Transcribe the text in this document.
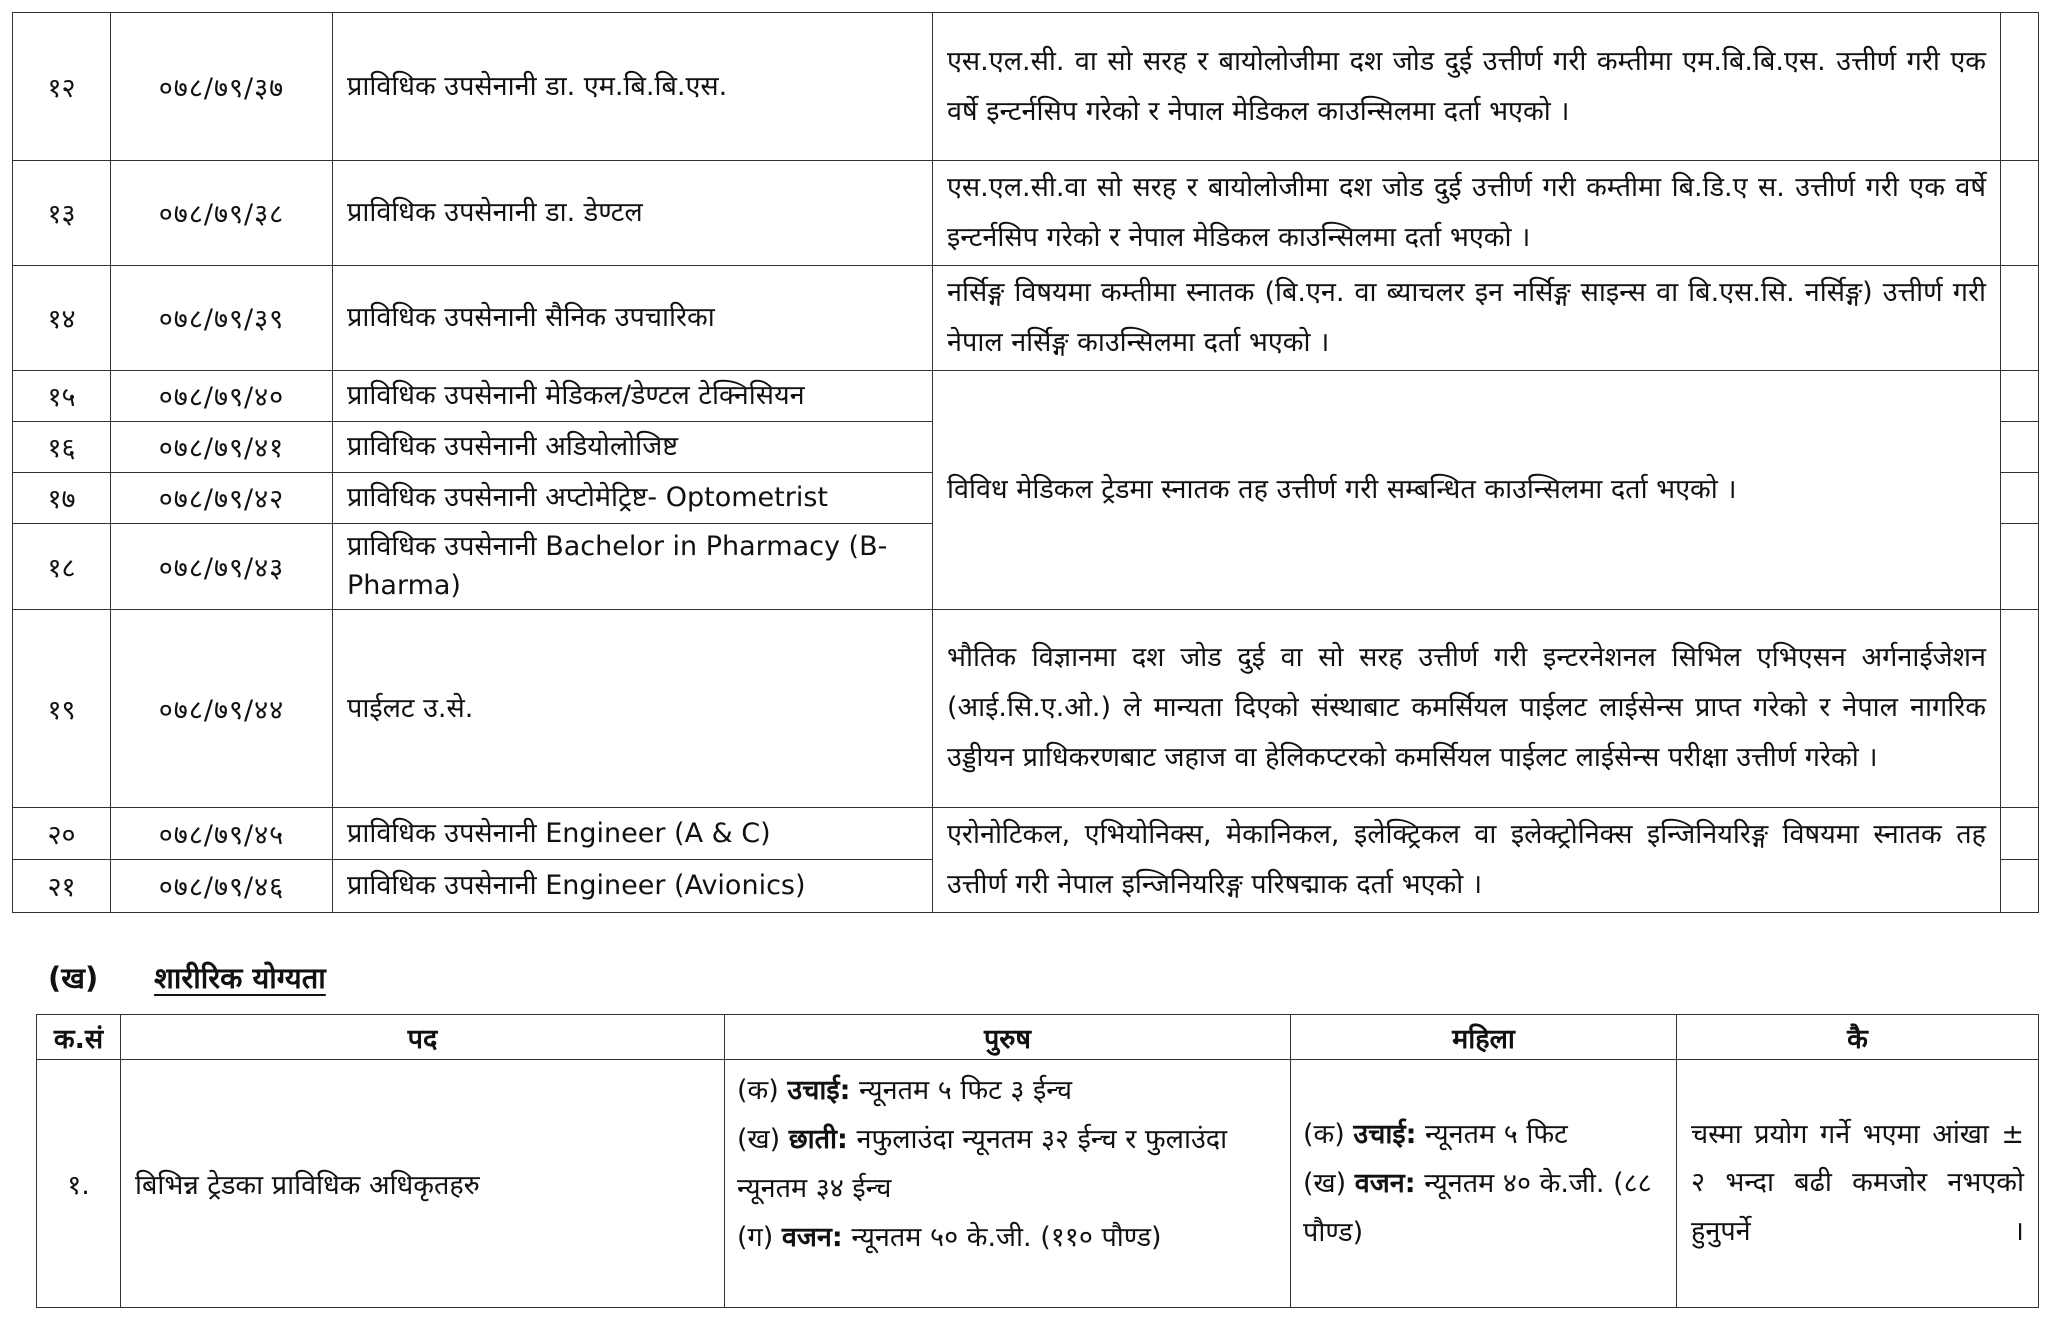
१२	०७८/७९/३७	प्राविधिक उपसेनानी डा. एम.बि.बि.एस.	एस.एल.सी. वा सो सरह र बायोलोजीमा दश जोड दुई उत्तीर्ण गरी कम्तीमा एम.बि.बि.एस. उत्तीर्ण गरी एक वर्षे इन्टर्नसिप गरेको र नेपाल मेडिकल काउन्सिलमा दर्ता भएको ।	
१३	०७८/७९/३८	प्राविधिक उपसेनानी डा. डेण्टल	एस.एल.सी.वा सो सरह र बायोलोजीमा दश जोड दुई उत्तीर्ण गरी कम्तीमा बि.डि.ए स. उत्तीर्ण गरी एक वर्षे इन्टर्नसिप गरेको र नेपाल मेडिकल काउन्सिलमा दर्ता भएको ।	
१४	०७८/७९/३९	प्राविधिक उपसेनानी सैनिक उपचारिका	नर्सिङ्ग विषयमा कम्तीमा स्नातक (बि.एन. वा ब्याचलर इन नर्सिङ्ग साइन्स वा बि.एस.सि. नर्सिङ्ग) उत्तीर्ण गरी नेपाल नर्सिङ्ग काउन्सिलमा दर्ता भएको ।	
१५	०७८/७९/४०	प्राविधिक उपसेनानी मेडिकल/डेण्टल टेक्निसियन	विविध मेडिकल ट्रेडमा स्नातक तह उत्तीर्ण गरी सम्बन्धित काउन्सिलमा दर्ता भएको ।	
१६	०७८/७९/४१	प्राविधिक उपसेनानी अडियोलोजिष्ट		
१७	०७८/७९/४२	प्राविधिक उपसेनानी अप्टोमेट्रिष्ट- Optometrist		
१८	०७८/७९/४३	प्राविधिक उपसेनानी Bachelor in Pharmacy (B-Pharma)		
१९	०७८/७९/४४	पाईलट उ.से.	भौतिक विज्ञानमा दश जोड दुई वा सो सरह उत्तीर्ण गरी इन्टरनेशनल सिभिल एभिएसन अर्गनाईजेशन (आई.सि.ए.ओ.) ले मान्यता दिएको संस्थाबाट कमर्सियल पाईलट लाईसेन्स प्राप्त गरेको र नेपाल नागरिक उड्डीयन प्राधिकरणबाट जहाज वा हेलिकप्टरको कमर्सियल पाईलट लाईसेन्स परीक्षा उत्तीर्ण गरेको ।	
२०	०७८/७९/४५	प्राविधिक उपसेनानी Engineer (A & C)	एरोनोटिकल, एभियोनिक्स, मेकानिकल, इलेक्ट्रिकल वा इलेक्ट्रोनिक्स इन्जिनियरिङ्ग विषयमा स्नातक तह उत्तीर्ण गरी नेपाल इन्जिनियरिङ्ग परिषद्माक दर्ता भएको ।	
२१	०७८/७९/४६	प्राविधिक उपसेनानी Engineer (Avionics)		
(ख) शारीरिक योग्यता
क.सं	पद	पुरुष	महिला	कै
१.	बिभिन्न ट्रेडका प्राविधिक अधिकृतहरु	(क) उचाई: न्यूनतम ५ फिट ३ ईन्च
(ख) छाती: नफुलाउंदा न्यूनतम ३२ ईन्च र फुलाउंदा न्यूनतम ३४ ईन्च
(ग) वजन: न्यूनतम ५० के.जी. (११० पौण्ड)	(क) उचाई: न्यूनतम ५ फिट
(ख) वजन: न्यूनतम ४० के.जी. (८८ पौण्ड)	चस्मा प्रयोग गर्ने भएमा आंखा ± २ भन्दा बढी कमजोर नभएको हुनुपर्ने ।
